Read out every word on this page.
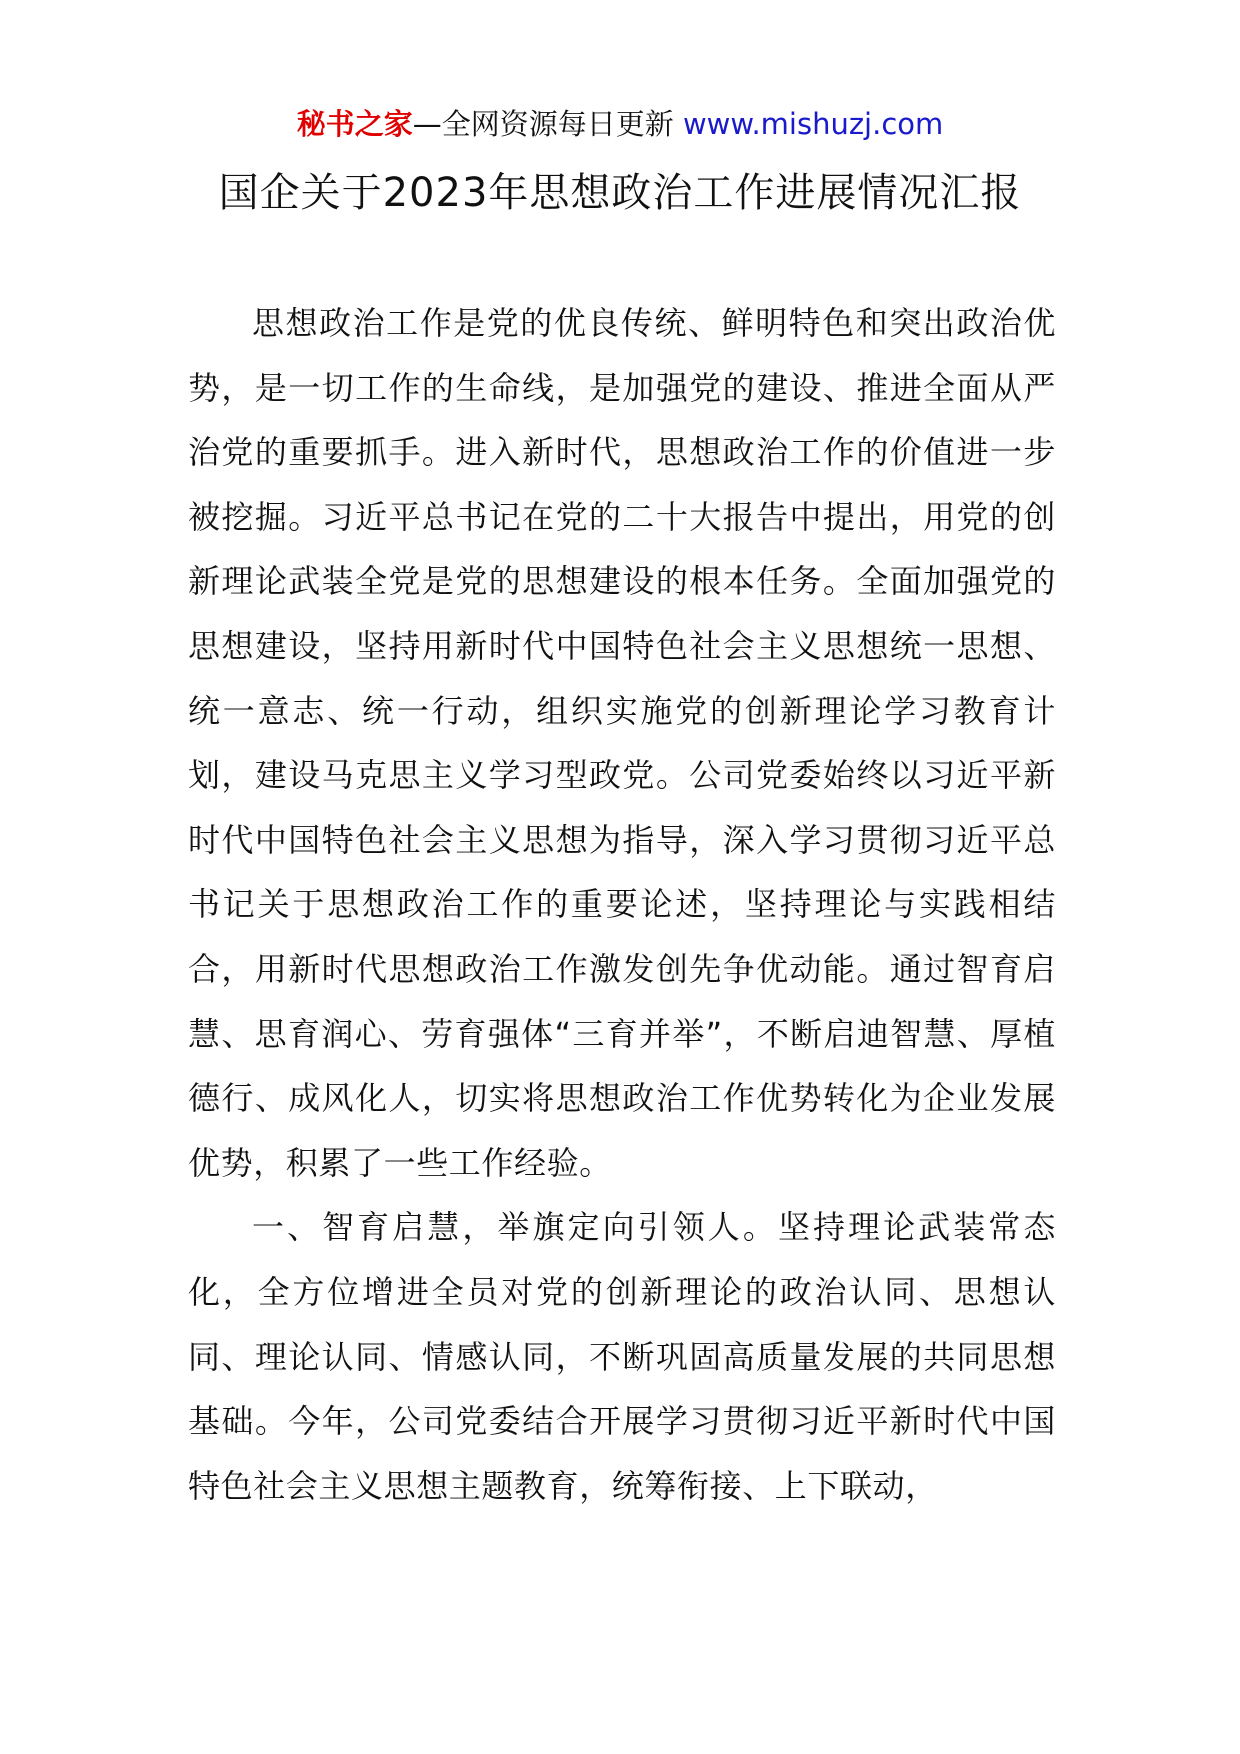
秘书之家—全网资源每日更新 www.mishuzj.com
国企关于2023年思想政治工作进展情况汇报

思想政治工作是党的优良传统、鲜明特色和突出政治优势，是一切工作的生命线，是加强党的建设、推进全面从严治党的重要抓手。进入新时代，思想政治工作的价值进一步被挖掘。习近平总书记在党的二十大报告中提出，用党的创新理论武装全党是党的思想建设的根本任务。全面加强党的思想建设，坚持用新时代中国特色社会主义思想统一思想、统一意志、统一行动，组织实施党的创新理论学习教育计划，建设马克思主义学习型政党。公司党委始终以习近平新时代中国特色社会主义思想为指导，深入学习贯彻习近平总书记关于思想政治工作的重要论述，坚持理论与实践相结合，用新时代思想政治工作激发创先争优动能。通过智育启慧、思育润心、劳育强体“三育并举”，不断启迪智慧、厚植德行、成风化人，切实将思想政治工作优势转化为企业发展优势，积累了一些工作经验。

一、智育启慧，举旗定向引领人。坚持理论武装常态化，全方位增进全员对党的创新理论的政治认同、思想认同、理论认同、情感认同，不断巩固高质量发展的共同思想基础。今年，公司党委结合开展学习贯彻习近平新时代中国特色社会主义思想主题教育，统筹衔接、上下联动，
